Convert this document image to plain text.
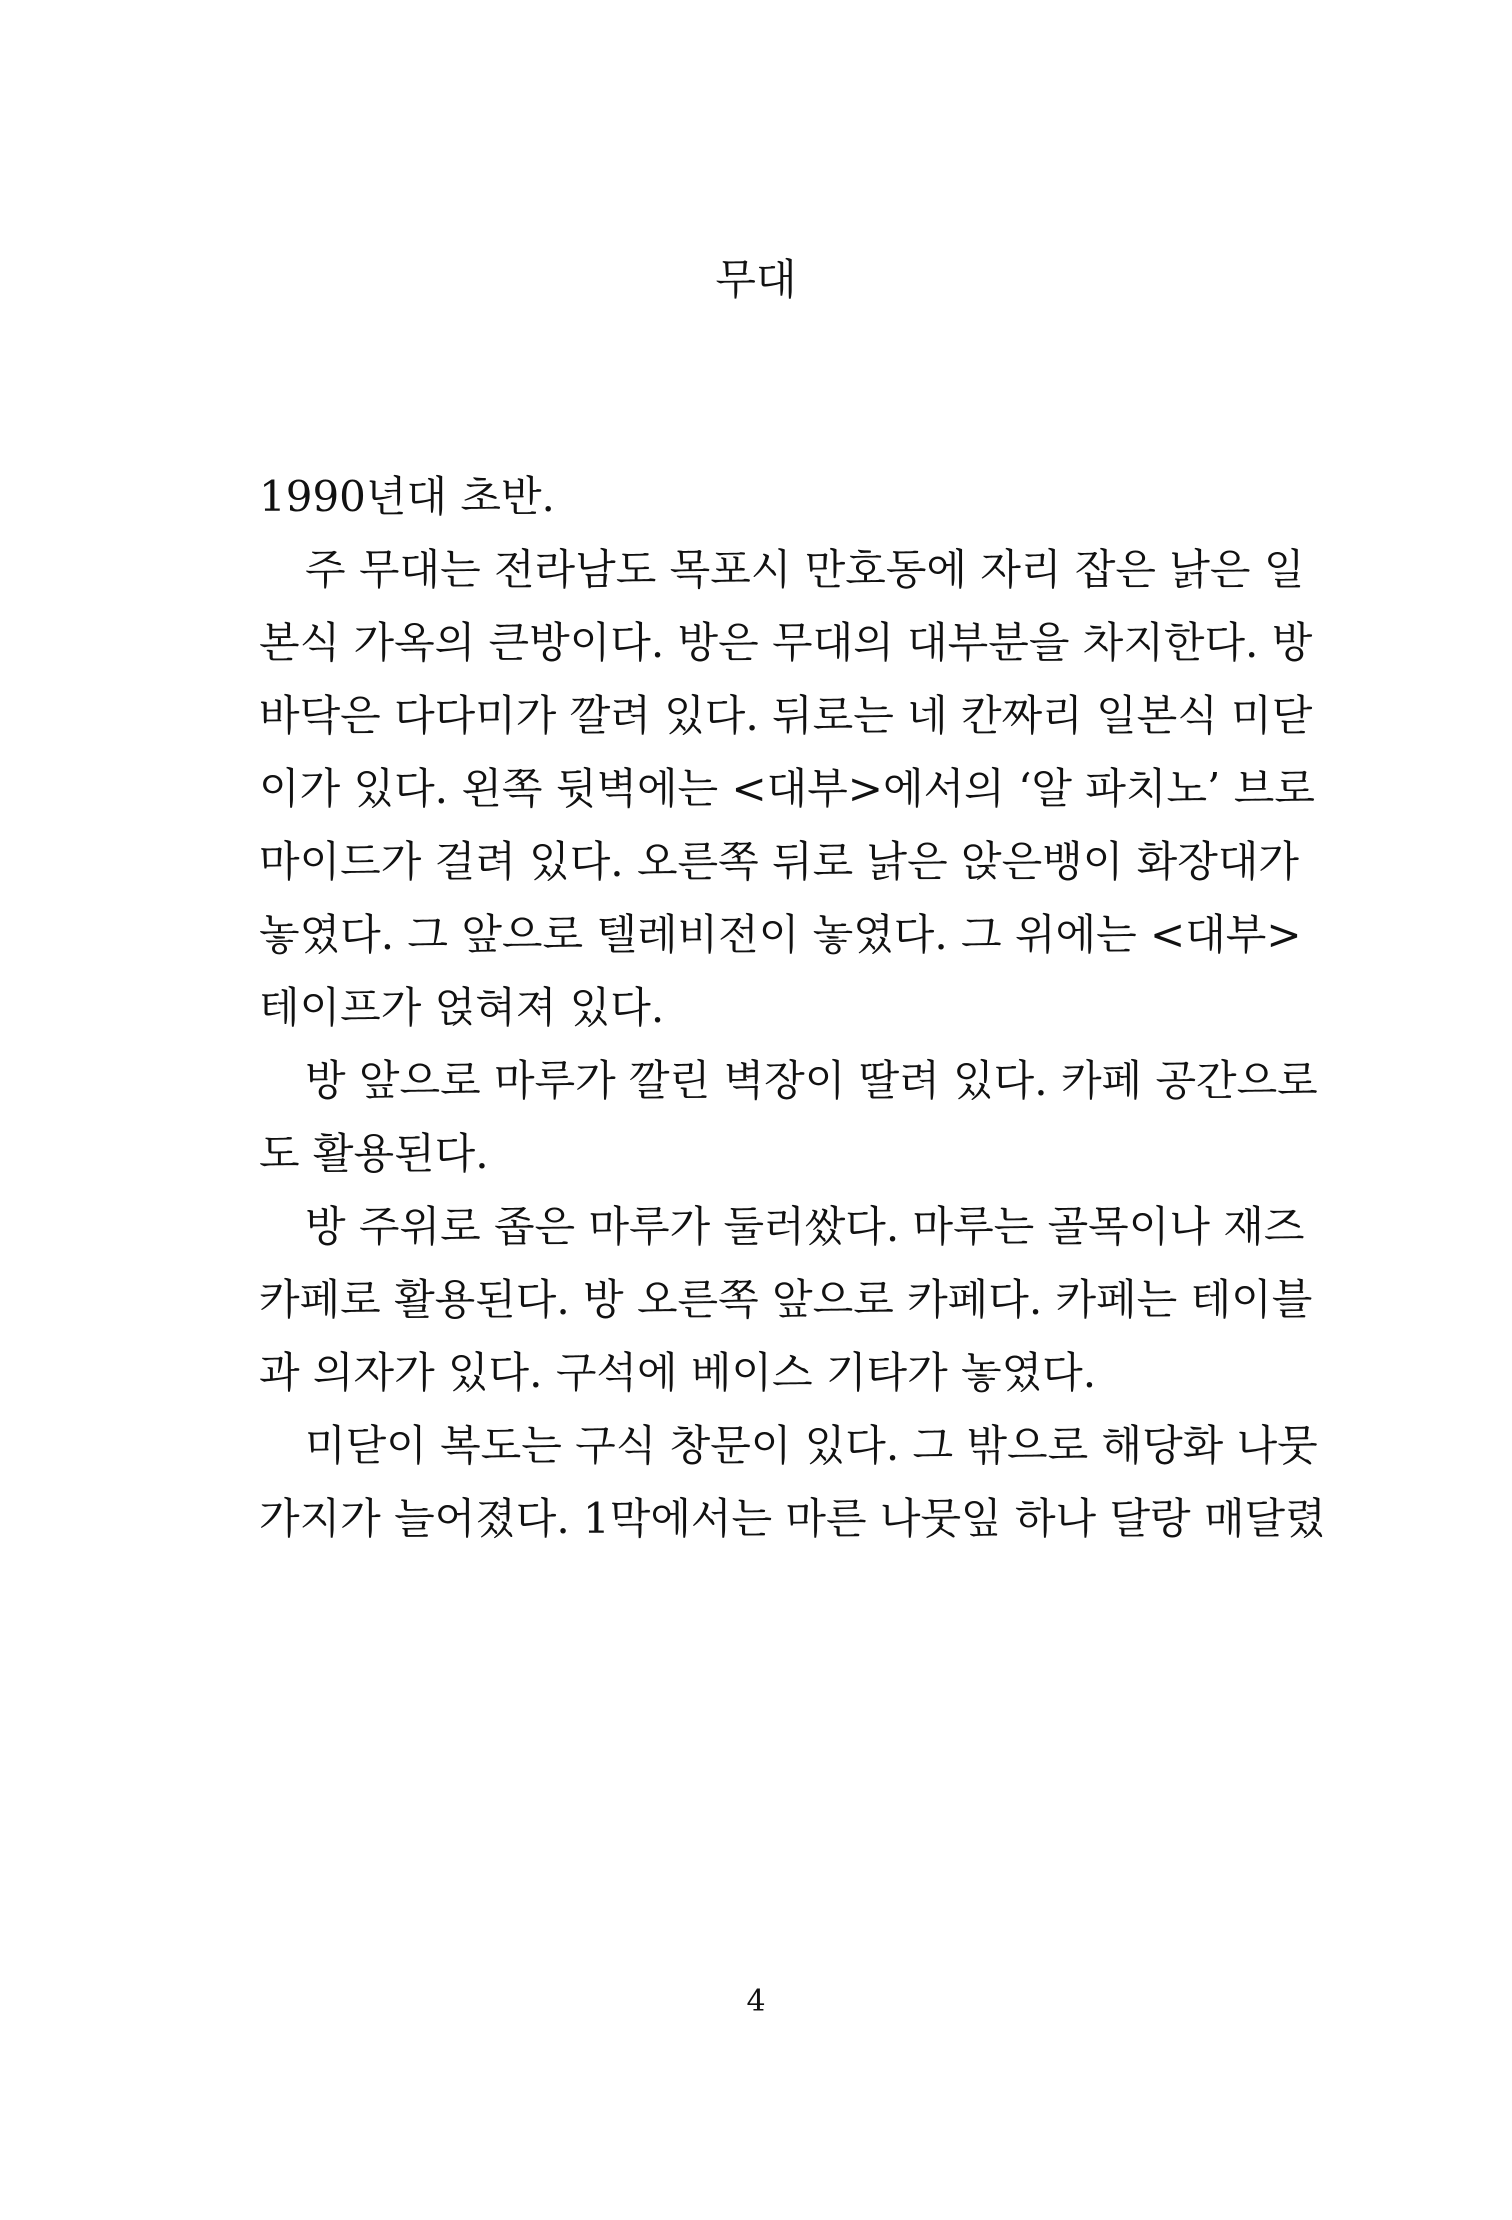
무대
1990년대 초반.
주 무대는 전라남도 목포시 만호동에 자리 잡은 낡은 일
본식 가옥의 큰방이다. 방은 무대의 대부분을 차지한다. 방
바닥은 다다미가 깔려 있다. 뒤로는 네 칸짜리 일본식 미닫
이가 있다. 왼쪽 뒷벽에는 <대부>에서의 ‘알 파치노’ 브로
마이드가 걸려 있다. 오른쪽 뒤로 낡은 앉은뱅이 화장대가
놓였다. 그 앞으로 텔레비전이 놓였다. 그 위에는 <대부>
테이프가 얹혀져 있다.
방 앞으로 마루가 깔린 벽장이 딸려 있다. 카페 공간으로
도 활용된다.
방 주위로 좁은 마루가 둘러쌌다. 마루는 골목이나 재즈
카페로 활용된다. 방 오른쪽 앞으로 카페다. 카페는 테이블
과 의자가 있다. 구석에 베이스 기타가 놓였다.
미닫이 복도는 구식 창문이 있다. 그 밖으로 해당화 나뭇
가지가 늘어졌다. 1막에서는 마른 나뭇잎 하나 달랑 매달렸
4
